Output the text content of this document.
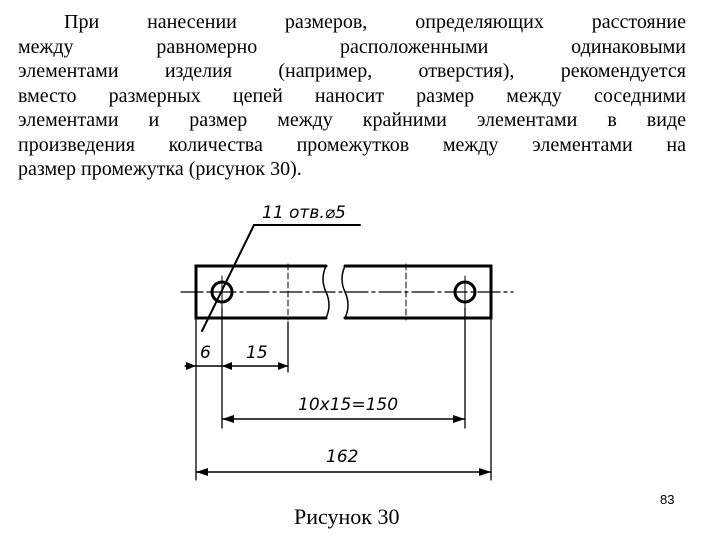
При нанесении размеров, определяющих расстояние
между равномерно расположенными одинаковыми
элементами изделия (например, отверстия), рекомендуется
вместо размерных цепей наносит размер между соседними
элементами и размер между крайними элементами в виде
произведения количества промежутков между элементами на
размер промежутка (рисунок 30).
11 отв.⌀5
6 15
10x15=150
162
Рисунок 30
83
